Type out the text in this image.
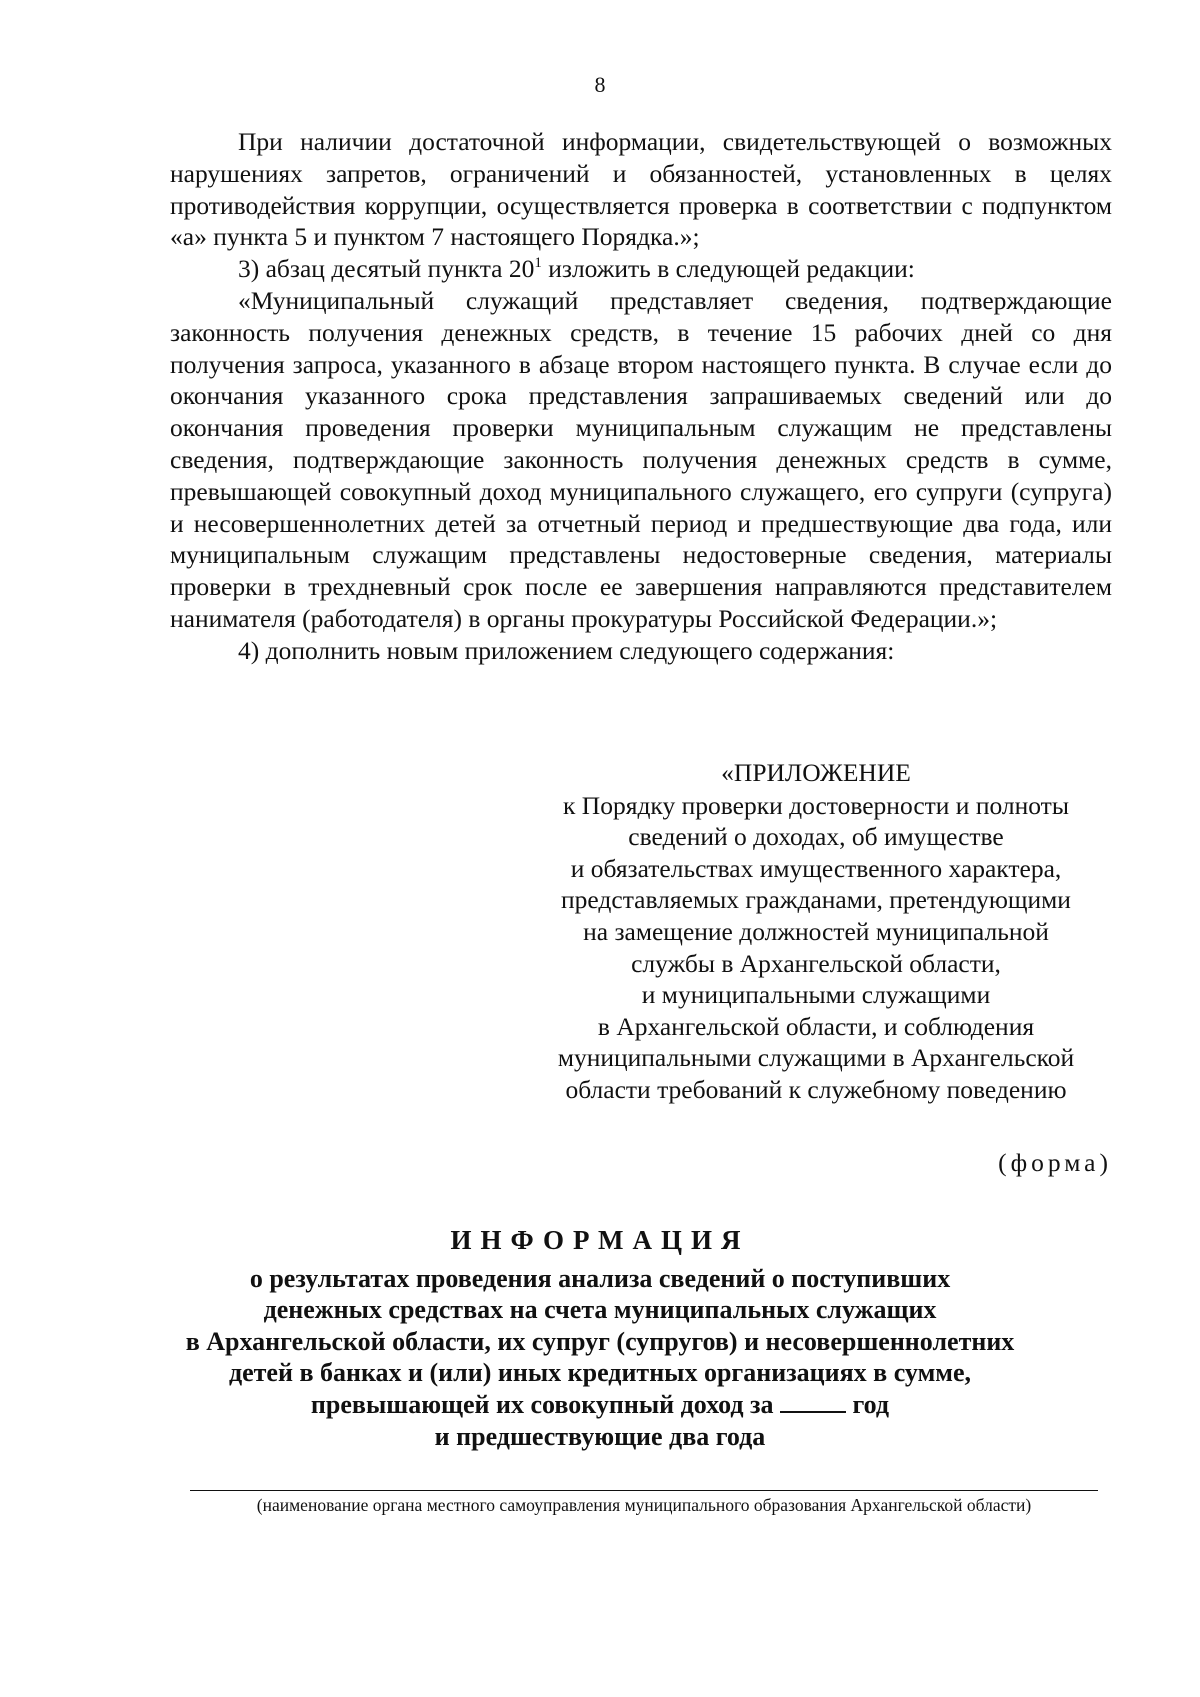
8

При наличии достаточной информации, свидетельствующей о возможных нарушениях запретов, ограничений и обязанностей, установленных в целях противодействия коррупции, осуществляется проверка в соответствии с подпунктом «а» пункта 5 и пунктом 7 настоящего Порядка.»;

3) абзац десятый пункта $20^1$ изложить в следующей редакции:

«Муниципальный служащий представляет сведения, подтверждающие законность получения денежных средств, в течение 15 рабочих дней со дня получения запроса, указанного в абзаце втором настоящего пункта. В случае если до окончания указанного срока представления запрашиваемых сведений или до окончания проведения проверки муниципальным служащим не представлены сведения, подтверждающие законность получения денежных средств в сумме, превышающей совокупный доход муниципального служащего, его супруги (супруга) и несовершеннолетних детей за отчетный период и предшествующие два года, или муниципальным служащим представлены недостоверные сведения, материалы проверки в трехдневный срок после ее завершения направляются представителем нанимателя (работодателя) в органы прокуратуры Российской Федерации.»;

4) дополнить новым приложением следующего содержания:

«ПРИЛОЖЕНИЕ
к Порядку проверки достоверности и полноты
сведений о доходах, об имуществе
и обязательствах имущественного характера,
представляемых гражданами, претендующими
на замещение должностей муниципальной
службы в Архангельской области,
и муниципальными служащими
в Архангельской области, и соблюдения
муниципальными служащими в Архангельской
области требований к служебному поведению
(форма)
ИНФОРМАЦИЯ
о результатах проведения анализа сведений о поступивших
денежных средствах на счета муниципальных служащих
в Архангельской области, их супруг (супругов) и несовершеннолетних
детей в банках и (или) иных кредитных организациях в сумме,
превышающей их совокупный доход за	год
и предшествующие два года
(наименование органа местного самоуправления муниципального образования Архангельской области)
